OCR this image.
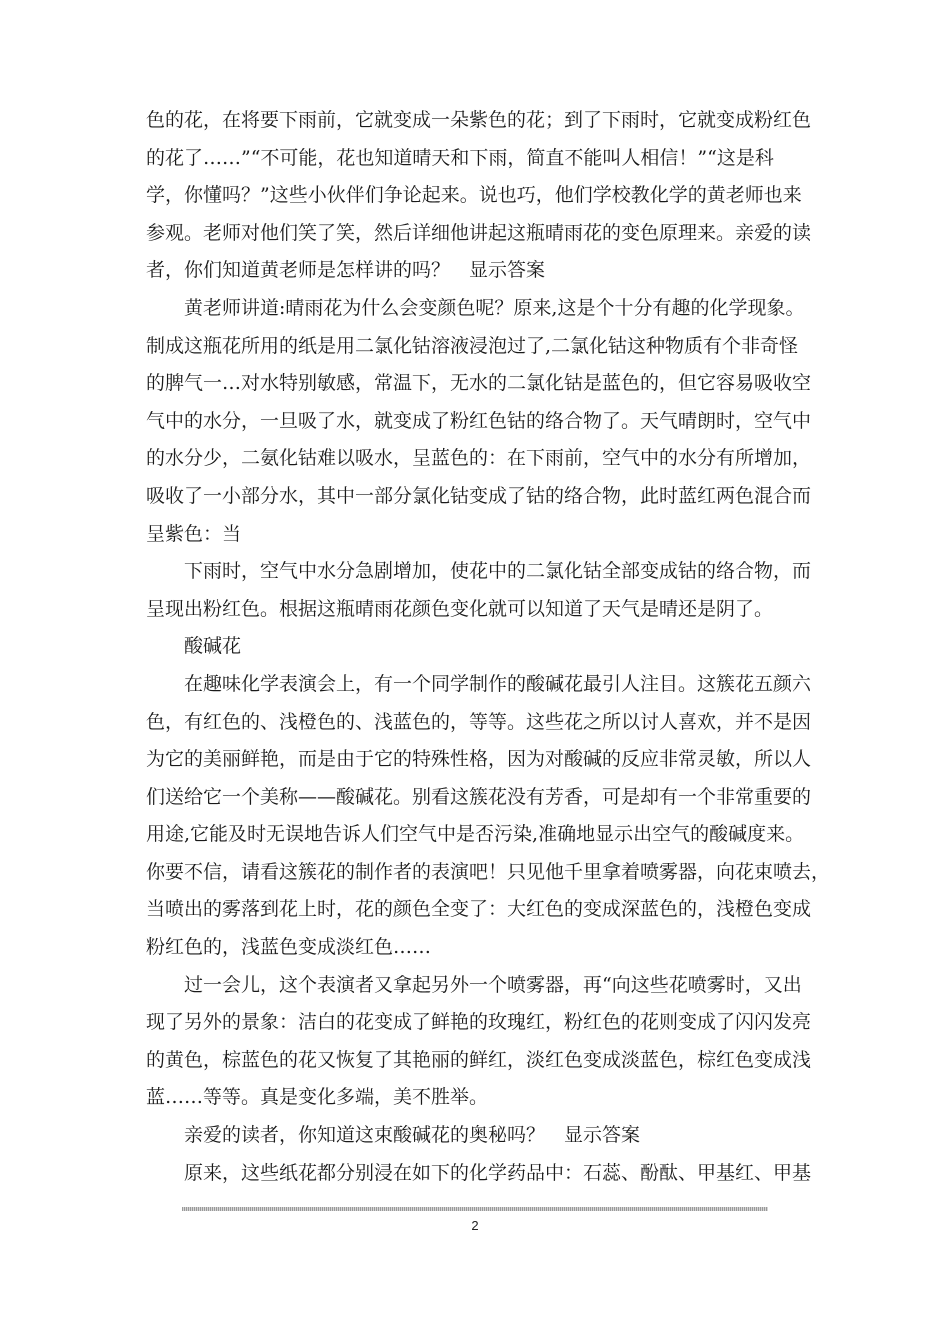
色的花，在将要下雨前，它就变成一朵紫色的花；到了下雨时，它就变成粉红色
的花了……”“不可能，花也知道晴天和下雨，简直不能叫人相信！”“这是科
学，你懂吗？”这些小伙伴们争论起来。说也巧，他们学校教化学的黄老师也来
参观。老师对他们笑了笑，然后详细他讲起这瓶晴雨花的变色原理来。亲爱的读
者，你们知道黄老师是怎样讲的吗？　显示答案
黄老师讲道:晴雨花为什么会变颜色呢？原来,这是个十分有趣的化学现象。
制成这瓶花所用的纸是用二氯化钴溶液浸泡过了,二氯化钴这种物质有个非奇怪
的脾气一…对水特别敏感，常温下，无水的二氯化钴是蓝色的，但它容易吸收空
气中的水分，一旦吸了水，就变成了粉红色钴的络合物了。天气晴朗时，空气中
的水分少，二氨化钴难以吸水，呈蓝色的：在下雨前，空气中的水分有所增加，
吸收了一小部分水，其中一部分氯化钴变成了钴的络合物，此时蓝红两色混合而
呈紫色：当
下雨时，空气中水分急剧增加，使花中的二氯化钴全部变成钴的络合物，而
呈现出粉红色。根据这瓶晴雨花颜色变化就可以知道了天气是晴还是阴了。
酸碱花
在趣味化学表演会上，有一个同学制作的酸碱花最引人注目。这簇花五颜六
色，有红色的、浅橙色的、浅蓝色的，等等。这些花之所以讨人喜欢，并不是因
为它的美丽鲜艳，而是由于它的特殊性格，因为对酸碱的反应非常灵敏，所以人
们送给它一个美称——酸碱花。别看这簇花没有芳香，可是却有一个非常重要的
用途,它能及时无误地告诉人们空气中是否污染,准确地显示出空气的酸碱度来。
你要不信，请看这簇花的制作者的表演吧！只见他千里拿着喷雾器，向花束喷去，
当喷出的雾落到花上时，花的颜色全变了：大红色的变成深蓝色的，浅橙色变成
粉红色的，浅蓝色变成淡红色……
过一会儿，这个表演者又拿起另外一个喷雾器，再“向这些花喷雾时，又出
现了另外的景象：洁白的花变成了鲜艳的玫瑰红，粉红色的花则变成了闪闪发亮
的黄色，棕蓝色的花又恢复了其艳丽的鲜红，淡红色变成淡蓝色，棕红色变成浅
蓝……等等。真是变化多端，美不胜举。
亲爱的读者，你知道这束酸碱花的奥秘吗？　显示答案
原来，这些纸花都分别浸在如下的化学药品中：石蕊、酚酞、甲基红、甲基
2
